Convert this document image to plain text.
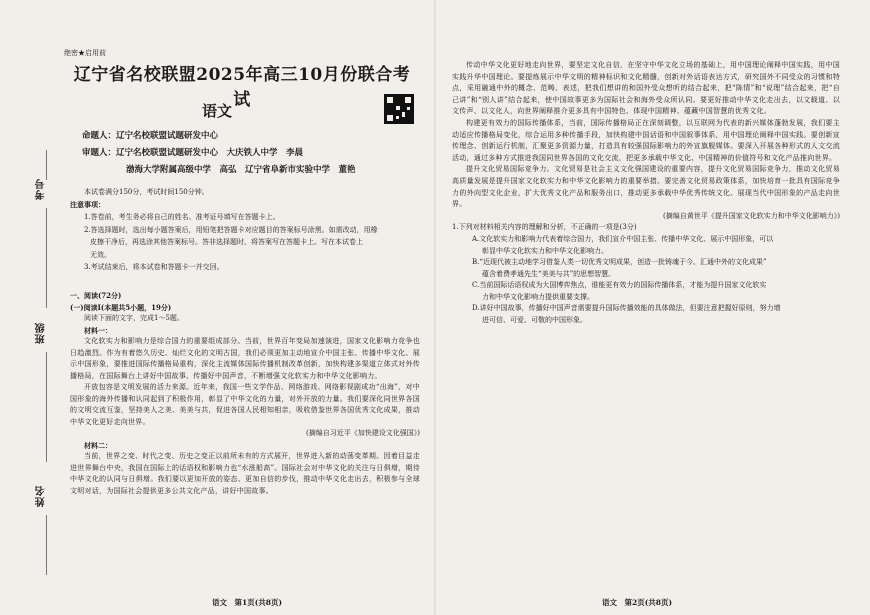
考号
班级
姓名
绝密★启用前
辽宁省名校联盟2025年高三10月份联合考试
语文
命题人：辽宁名校联盟试题研发中心
审题人：辽宁名校联盟试题研发中心　大庆铁人中学　李晨
渤海大学附属高级中学　高弘　辽宁省阜新市实验中学　董艳
本试卷满分150分，考试时间150分钟。
注意事项：
1.答卷前，考生务必将自己的姓名、准考证号填写在答题卡上。
2.答选择题时，选出每小题答案后，用铅笔把答题卡对应题目的答案标号涂黑。如需改动，用橡
皮擦干净后，再选涂其他答案标号。答非选择题时，将答案写在答题卡上。写在本试卷上
无效。
3.考试结束后，将本试卷和答题卡一并交回。
一、阅读(72分)
(一)阅读Ⅰ(本题共5小题，19分)
阅读下面的文字，完成1～5题。
材料一：
文化软实力和影响力是综合国力的重要组成部分。当前，世界百年变局加速演进，国家文化影响力竞争也日趋激烈。作为有着悠久历史、灿烂文化的文明古国，我们必须更加主动地宣介中国主张、传播中华文化、展示中国形象，要推进国际传播格局重构，深化主流媒体国际传播机制改革创新，加快构建多渠道立体式对外传播格局，在国际舞台上讲好中国故事、传播好中国声音，不断增强文化软实力和中华文化影响力。
开放包容是文明发展的活力来源。近年来，我国一些文学作品、网络游戏、网络影视剧成功“出海”，对中国形象的海外传播和认同起到了积极作用，彰显了中华文化的力量，对外开放的力量。我们要深化同世界各国的文明交流互鉴，坚持美人之美、美美与共，促进各国人民相知相亲，吸收借鉴世界各国优秀文化成果，推动中华文化更好走向世界。
(摘编自习近平《加快建设文化强国》)
材料二：
当前，世界之变、时代之变、历史之变正以前所未有的方式展开，世界进入新的动荡变革期。因着目益走进世界舞台中央，我国在国际上的话语权和影响力也“水涨船高”。国际社会对中华文化的关注与日俱增，期待中华文化的认同与日俱增。我们要以更加开放的姿态、更加自信的步伐，推动中华文化走出去，积极参与全球文明对话，为国际社会提供更多公共文化产品，讲好中国故事。
语文　第1页(共8页)
传动中华文化更好地走向世界，要坚定文化自信，在坚守中华文化立场的基础上，用中国理论阐释中国实践，用中国实践升华中国理论。要提炼展示中华文明的精神标识和文化精髓，创新对外话语表达方式，研究国外不同受众的习惯和特点，采用融通中外的概念、范畴、表述，把我们想讲的和国外受众想听的结合起来，把“陈情”和“说理”结合起来，把“自己讲”和“别人讲”结合起来，使中国故事更多为国际社会和海外受众所认同。要更好推动中华文化走出去，以文载道、以文传声、以文化人，向世界阐释推介更多具有中国特色、体现中国精神、蕴藏中国智慧的优秀文化。
构建更有效力的国际传播体系，当前，国际传播格局正在深刻调整，以互联网为代表的新兴媒体蓬勃发展，我们要主动适应传播格局变化，综合运用多种传播手段，加快构建中国话语和中国叙事体系，用中国理论阐释中国实践。要创新宣传理念、创新运行机制，汇聚更多资源力量，打造具有较强国际影响力的外宣旗舰媒体。要深入开展各种形式的人文交流活动，通过多种方式推进我国同世界各国的文化交流，把更多承载中华文化、中国精神的价值符号和文化产品推向世界。
提升文化贸易国际竞争力。文化贸易是社会主义文化强国建设的重要内容，提升文化贸易国际竞争力，推动文化贸易高质量发展是提升国家文化软实力和中华文化影响力的重要举措。要完善文化贸易政策体系，加快培育一批具有国际竞争力的外向型文化企业，扩大优秀文化产品和服务出口，推动更多承载中华优秀传统文化、展现当代中国形象的产品走向世界。
(摘编自黄世平《提升国家文化软实力和中华文化影响力》)
1.下列对材料相关内容的理解和分析，不正确的一项是(3分)
A.文化软实力和影响力代表着综合国力，我们宣介中国主张、传播中华文化、展示中国形象，可以
彰显中华文化软实力和中华文化影响力。
B.“近现代被主动地学习借鉴人类一切优秀文明成果，创造一批铸魂于今、汇通中外的文化成果”
蕴含着费孝通先生“美美与共”的思想智慧。
C.当前国际话语权成为大国博弈焦点，谁能更有效力的国际传播体系，才能为提升国家文化软实
力和中华文化影响力提供重要支撑。
D.讲好中国故事，传播好中国声音需要提升国际传播效能的具体做法，但要注意把握好原则，努力增
进可信、可爱、可敬的中国形象。
语文　第2页(共8页)
